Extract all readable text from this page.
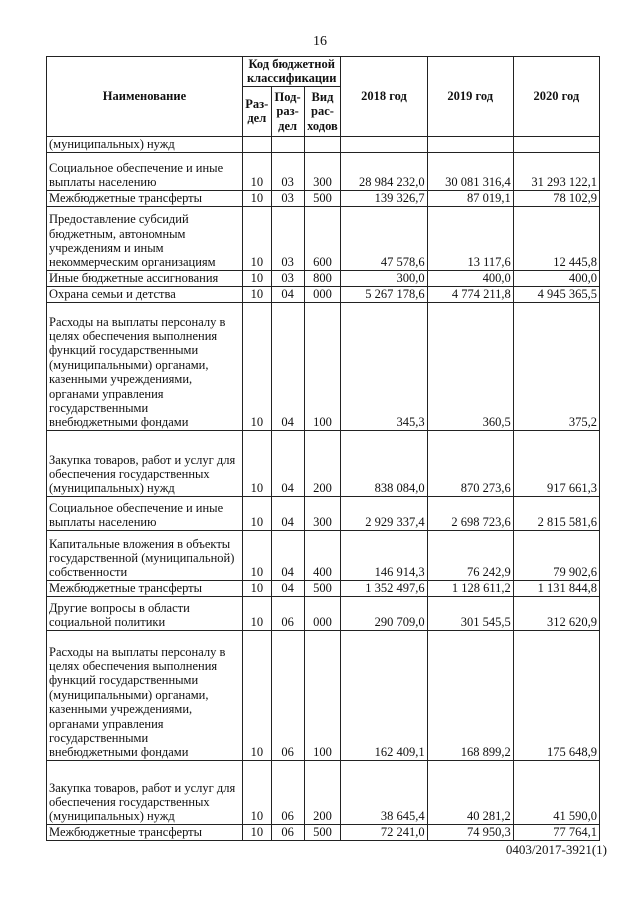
16
Наименование	Код бюджетной классификации			2018 год	2019 год	2020 год
	Раз-дел	Под-раз-дел	Вид рас-ходов			
(муниципальных) нужд						
Социальное обеспечение и иные выплаты населению	10	03	300	28 984 232,0	30 081 316,4	31 293 122,1
Межбюджетные трансферты	10	03	500	139 326,7	87 019,1	78 102,9
Предоставление субсидий бюджетным, автономным учреждениям и иным некоммерческим организациям	10	03	600	47 578,6	13 117,6	12 445,8
Иные бюджетные ассигнования	10	03	800	300,0	400,0	400,0
Охрана семьи и детства	10	04	000	5 267 178,6	4 774 211,8	4 945 365,5
Расходы на выплаты персоналу в целях обеспечения выполнения функций государственными (муниципальными) органами, казенными учреждениями, органами управления государственными внебюджетными фондами	10	04	100	345,3	360,5	375,2
Закупка товаров, работ и услуг для обеспечения государственных (муниципальных) нужд	10	04	200	838 084,0	870 273,6	917 661,3
Социальное обеспечение и иные выплаты населению	10	04	300	2 929 337,4	2 698 723,6	2 815 581,6
Капитальные вложения в объекты государственной (муниципальной) собственности	10	04	400	146 914,3	76 242,9	79 902,6
Межбюджетные трансферты	10	04	500	1 352 497,6	1 128 611,2	1 131 844,8
Другие вопросы в области социальной политики	10	06	000	290 709,0	301 545,5	312 620,9
Расходы на выплаты персоналу в целях обеспечения выполнения функций государственными (муниципальными) органами, казенными учреждениями, органами управления государственными внебюджетными фондами	10	06	100	162 409,1	168 899,2	175 648,9
Закупка товаров, работ и услуг для обеспечения государственных (муниципальных) нужд	10	06	200	38 645,4	40 281,2	41 590,0
Межбюджетные трансферты	10	06	500	72 241,0	74 950,3	77 764,1
0403/2017-3921(1)
